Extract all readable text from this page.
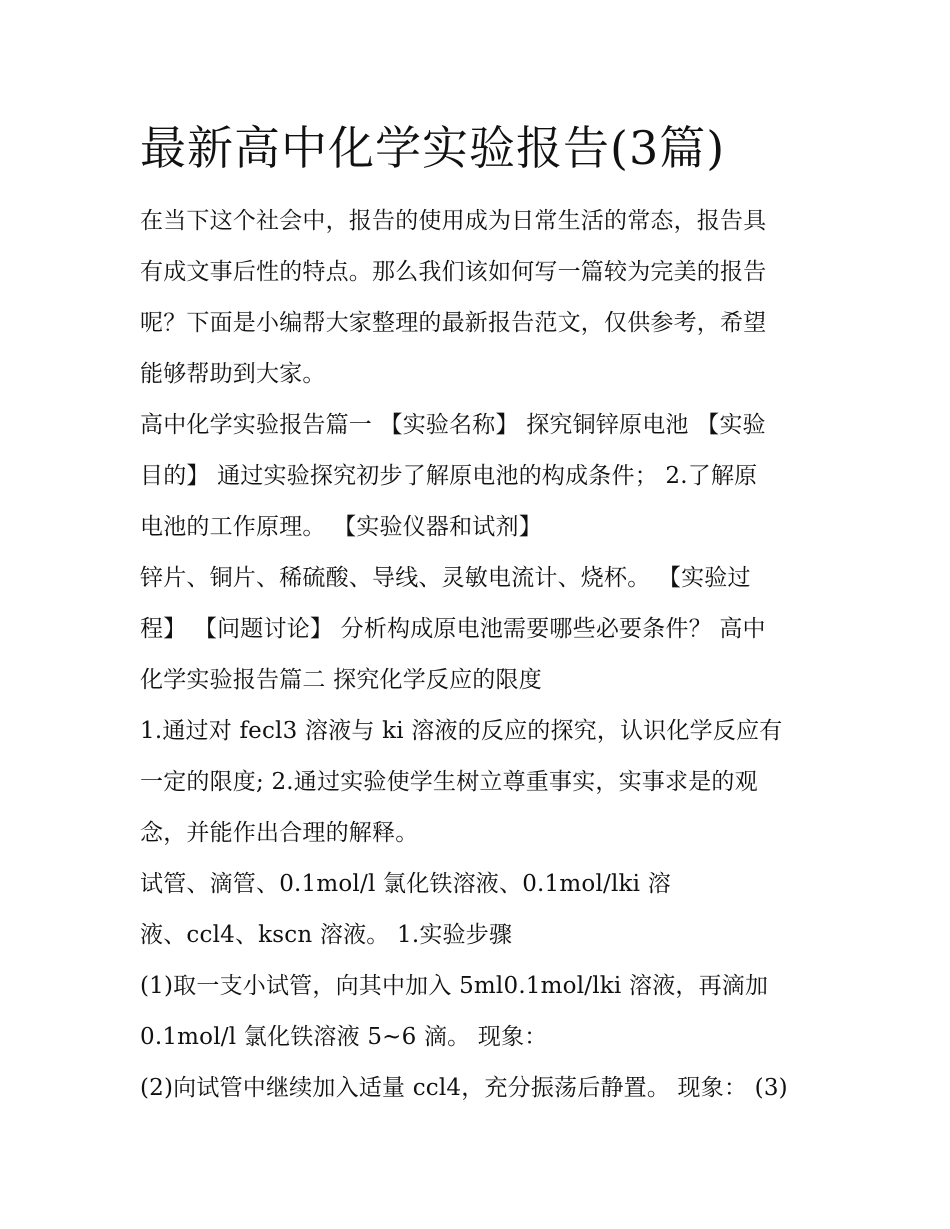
最新高中化学实验报告(3篇)

在当下这个社会中，报告的使用成为日常生活的常态，报告具

有成文事后性的特点。那么我们该如何写一篇较为完美的报告

呢？下面是小编帮大家整理的最新报告范文，仅供参考，希望

能够帮助到大家。

高中化学实验报告篇一 【实验名称】 探究铜锌原电池 【实验

目的】 通过实验探究初步了解原电池的构成条件； 2.了解原

电池的工作原理。 【实验仪器和试剂】

锌片、铜片、稀硫酸、导线、灵敏电流计、烧杯。 【实验过

程】 【问题讨论】 分析构成原电池需要哪些必要条件？ 高中

化学实验报告篇二 探究化学反应的限度

1.通过对 fecl3 溶液与 ki 溶液的反应的探究，认识化学反应有

一定的限度; 2.通过实验使学生树立尊重事实，实事求是的观

念，并能作出合理的解释。

试管、滴管、0.1mol/l 氯化铁溶液、0.1mol/lki 溶

液、ccl4、kscn 溶液。 1.实验步骤

(1)取一支小试管，向其中加入 5ml0.1mol/lki 溶液，再滴加

0.1mol/l 氯化铁溶液 5~6 滴。 现象：

(2)向试管中继续加入适量 ccl4，充分振荡后静置。 现象： (3)
